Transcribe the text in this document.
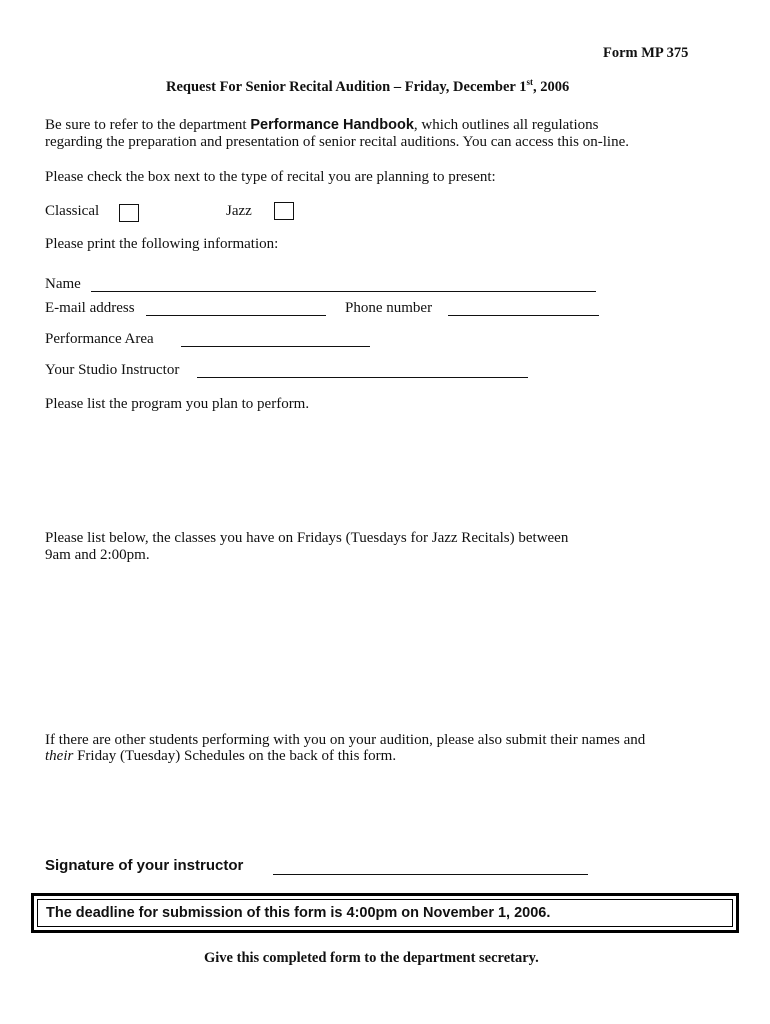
Form MP 375
Request For Senior Recital Audition – Friday, December 1st, 2006
Be sure to refer to the department Performance Handbook, which outlines all regulations
regarding the preparation and presentation of senior recital auditions. You can access this on-line.
Please check the box next to the type of recital you are planning to present:
Classical	Jazz
Please print the following information:
Name
E-mail address	Phone number
Performance Area
Your Studio Instructor
Please list the program you plan to perform.
Please list below, the classes you have on Fridays (Tuesdays for Jazz Recitals) between
9am and 2:00pm.
If there are other students performing with you on your audition, please also submit their names and
their Friday (Tuesday) Schedules on the back of this form.
Signature of your instructor
The deadline for submission of this form is 4:00pm on November 1, 2006.
Give this completed form to the department secretary.
